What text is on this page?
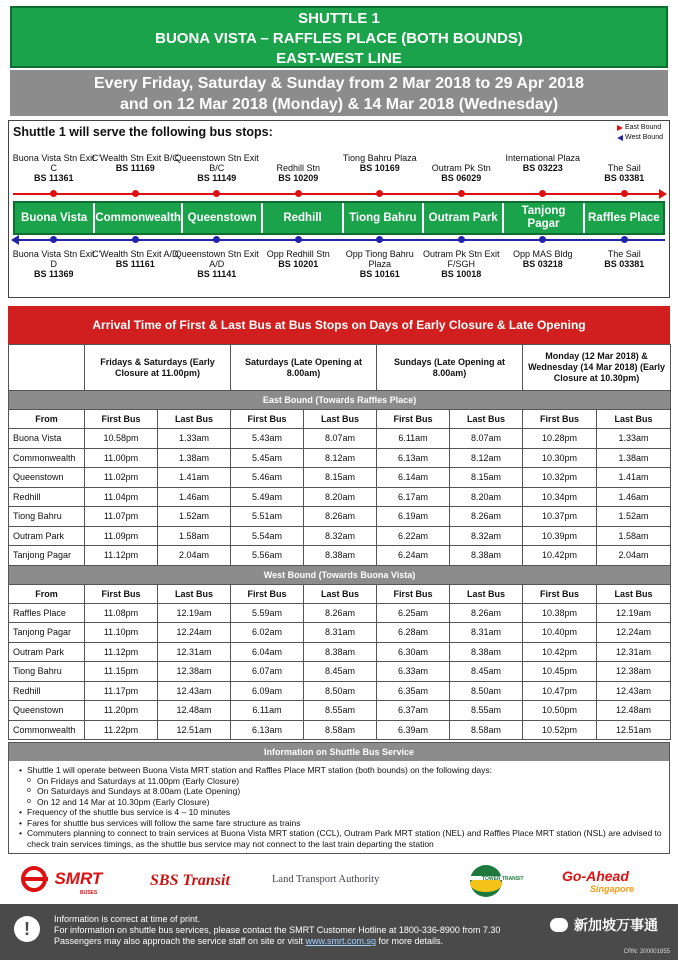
SHUTTLE 1
BUONA VISTA – RAFFLES PLACE (BOTH BOUNDS)
EAST-WEST LINE
Every Friday, Saturday & Sunday from 2 Mar 2018 to 29 Apr 2018
and on 12 Mar 2018 (Monday) & 14 Mar 2018 (Wednesday)
Shuttle 1 will serve the following bus stops:	East Bound
West Bound
Buona Vista Stn Exit C
BS 11361
C'Wealth Stn Exit B/C
BS 11169
Queenstown Stn Exit B/C
BS 11149
Redhill Stn
BS 10209
Tiong Bahru Plaza
BS 10169	Outram Pk Stn
BS 06029
International Plaza
BS 03223	The Sail
BS 03381
Buona Vista Commonwealth Queenstown	Redhill	Tiong Bahru	Outram Park
Tanjong Pagar
Raffles Place
Buona Vista Stn Exit D
BS 11369
C'Wealth Stn Exit A/D
BS 11161
Queenstown Stn Exit A/D
BS 11141
Opp Redhill Stn
BS 10201
Opp Tiong Bahru Plaza
BS 10161
Outram Pk Stn Exit F/SGH
BS 10018
Opp MAS Bldg
BS 03218
The Sail
BS 03381
Arrival Time of First & Last Bus at Bus Stops on Days of Early Closure & Late Opening
	Fridays & Saturdays (Early Closure at 11.00pm)		Saturdays (Late Opening at 8.00am)		Sundays (Late Opening at 8.00am)		Monday (12 Mar 2018) & Wednesday (14 Mar 2018) (Early Closure at 10.30pm)	
East Bound (Towards Raffles Place)								
From	First Bus	Last Bus	First Bus	Last Bus	First Bus	Last Bus	First Bus	Last Bus
Buona Vista	10.58pm	1.33am	5.43am	8.07am	6.11am	8.07am	10.28pm	1.33am
Commonwealth	11.00pm	1.38am	5.45am	8.12am	6.13am	8.12am	10.30pm	1.38am
Queenstown	11.02pm	1.41am	5.46am	8.15am	6.14am	8.15am	10.32pm	1.41am
Redhill	11.04pm	1.46am	5.49am	8.20am	6.17am	8.20am	10.34pm	1.46am
Tiong Bahru	11.07pm	1.52am	5.51am	8.26am	6.19am	8.26am	10.37pm	1.52am
Outram Park	11.09pm	1.58am	5.54am	8.32am	6.22am	8.32am	10.39pm	1.58am
Tanjong Pagar	11.12pm	2.04am	5.56am	8.38am	6.24am	8.38am	10.42pm	2.04am
West Bound (Towards Buona Vista)								
From	First Bus	Last Bus	First Bus	Last Bus	First Bus	Last Bus	First Bus	Last Bus
Raffles Place	11.08pm	12.19am	5.59am	8.26am	6.25am	8.26am	10.38pm	12.19am
Tanjong Pagar	11.10pm	12.24am	6.02am	8.31am	6.28am	8.31am	10.40pm	12.24am
Outram Park	11.12pm	12.31am	6.04am	8.38am	6.30am	8.38am	10.42pm	12.31am
Tiong Bahru	11.15pm	12.38am	6.07am	8.45am	6.33am	8.45am	10.45pm	12.38am
Redhill	11.17pm	12.43am	6.09am	8.50am	6.35am	8.50am	10.47pm	12.43am
Queenstown	11.20pm	12.48am	6.11am	8.55am	6.37am	8.55am	10.50pm	12.48am
Commonwealth	11.22pm	12.51am	6.13am	8.58am	6.39am	8.58am	10.52pm	12.51am
Information on Shuttle Bus Service
• Shuttle 1 will operate between Buona Vista MRT station and Raffles Place MRT station (both bounds) on the following days:
o On Fridays and Saturdays at 11.00pm (Early Closure)
o On Saturdays and Sundays at 8.00am (Late Opening)
o On 12 and 14 Mar at 10.30pm (Early Closure)
• Frequency of the shuttle bus service is 4 – 10 minutes
• Fares for shuttle bus services will follow the same fare structure as trains
• Commuters planning to connect to train services at Buona Vista MRT station (CCL), Outram Park MRT station (NEL) and Raffles Place MRT station (NSL) are advised to check train services timings, as the shuttle bus service may not connect to the last train departing the station
SMRT
BUSES
SBS Transit	Land Transport Authority	TOWER TRANSIT	Go-Ahead
Singapore
!	Information is correct at time of print.
For information on shuttle bus services, please contact the SMRT Customer Hotline at 1800-336-8900 from 7.30
Passengers may also approach the service staff on site or visit www.smrt.com.sg for more details.
新加坡万事通
CRN: 200001855
